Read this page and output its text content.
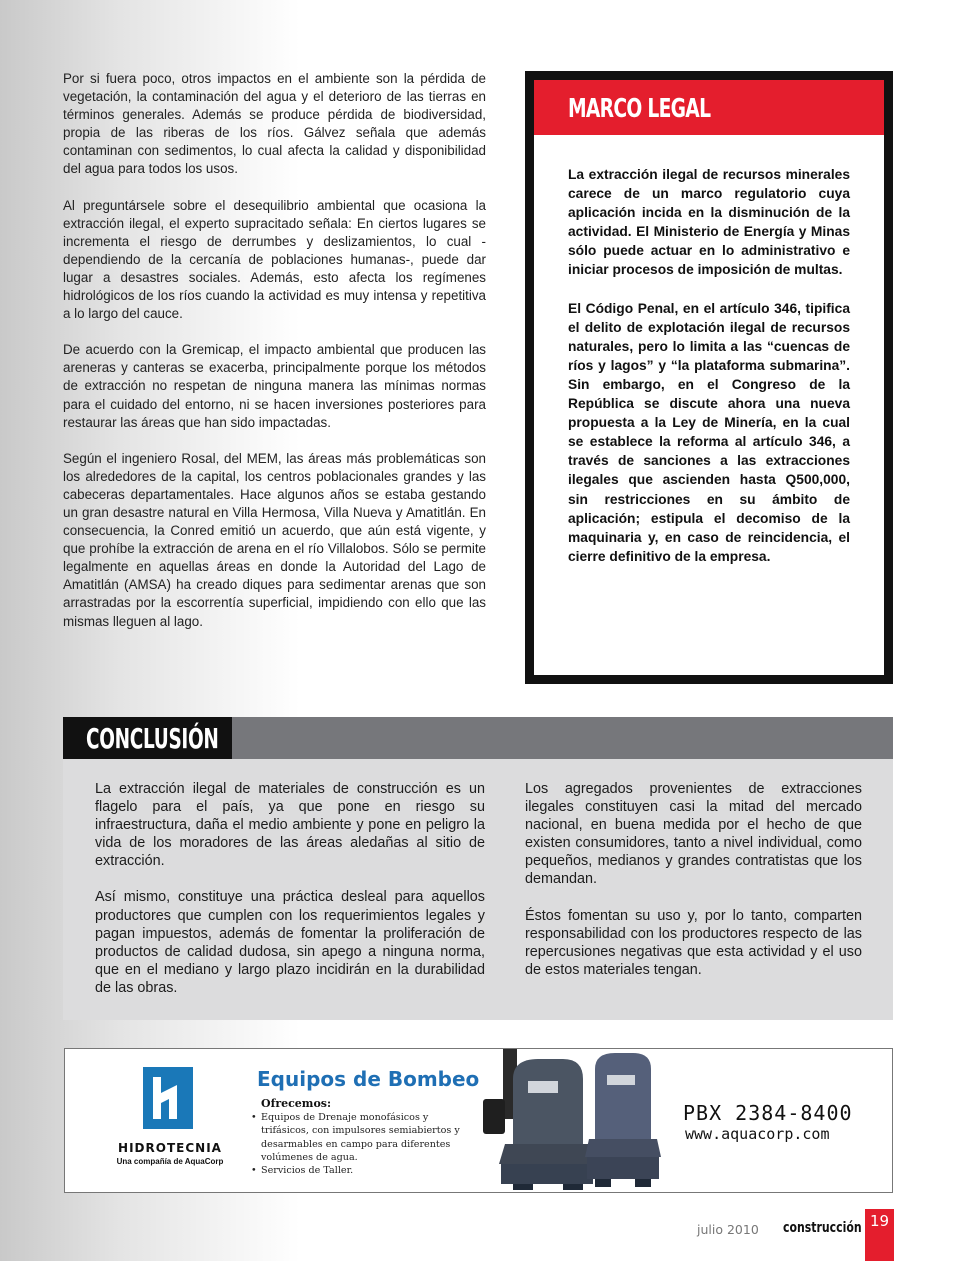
Por si fuera poco, otros impactos en el ambiente son la pérdida de vegetación, la contaminación del agua y el deterioro de las tierras en términos generales. Además se produce pérdida de biodiversidad, propia de las riberas de los ríos. Gálvez señala que además contaminan con sedimentos, lo cual afecta la calidad y disponibilidad del agua para todos los usos.

Al preguntársele sobre el desequilibrio ambiental que ocasiona la extracción ilegal, el experto supracitado señala: En ciertos lugares se incrementa el riesgo de derrumbes y deslizamientos, lo cual -dependiendo de la cercanía de poblaciones humanas-, puede dar lugar a desastres sociales. Además, esto afecta los regímenes hidrológicos de los ríos cuando la actividad es muy intensa y repetitiva a lo largo del cauce.

De acuerdo con la Gremicap, el impacto ambiental que producen las areneras y canteras se exacerba, principalmente porque los métodos de extracción no respetan de ninguna manera las mínimas normas para el cuidado del entorno, ni se hacen inversiones posteriores para restaurar las áreas que han sido impactadas.

Según el ingeniero Rosal, del MEM, las áreas más problemáticas son los alrededores de la capital, los centros poblacionales grandes y las cabeceras departamentales. Hace algunos años se estaba gestando un gran desastre natural en Villa Hermosa, Villa Nueva y Amatitlán. En consecuencia, la Conred emitió un acuerdo, que aún está vigente, y que prohíbe la extracción de arena en el río Villalobos. Sólo se permite legalmente en aquellas áreas en donde la Autoridad del Lago de Amatitlán (AMSA) ha creado diques para sedimentar arenas que son arrastradas por la escorrentía superficial, impidiendo con ello que las mismas lleguen al lago.

MARCO LEGAL

La extracción ilegal de recursos minerales carece de un marco regulatorio cuya aplicación incida en la disminución de la actividad. El Ministerio de Energía y Minas sólo puede actuar en lo administrativo e iniciar procesos de imposición de multas.

El Código Penal, en el artículo 346, tipifica el delito de explotación ilegal de recursos naturales, pero lo limita a las “cuencas de ríos y lagos” y “la plataforma submarina”. Sin embargo, en el Congreso de la República se discute ahora una nueva propuesta a la Ley de Minería, en la cual se establece la reforma al artículo 346, a través de sanciones a las extracciones ilegales que ascienden hasta Q500,000, sin restricciones en su ámbito de aplicación; estipula el decomiso de la maquinaria y, en caso de reincidencia, el cierre definitivo de la empresa.

CONCLUSIÓN

La extracción ilegal de materiales de construcción es un flagelo para el país, ya que pone en riesgo su infraestructura, daña el medio ambiente y pone en peligro la vida de los moradores de las áreas aledañas al sitio de extracción.

Así mismo, constituye una práctica desleal para aquellos productores que cumplen con los requerimientos legales y pagan impuestos, además de fomentar la proliferación de productos de calidad dudosa, sin apego a ninguna norma, que en el mediano y largo plazo incidirán en la durabilidad de las obras.

Los agregados provenientes de extracciones ilegales constituyen casi la mitad del mercado nacional, en buena medida por el hecho de que existen consumidores, tanto a nivel individual, como pequeños, medianos y grandes contratistas que los demandan.

Éstos fomentan su uso y, por lo tanto, comparten responsabilidad con los productores respecto de las repercusiones negativas que esta actividad y el uso de estos materiales tengan.

HIDROTECNIA
Una compañía de AquaCorp
Equipos de Bombeo
Ofrecemos:
• Equipos de Drenaje monofásicos y trifásicos, con impulsores semiabiertos y desarmables en campo para diferentes volúmenes de agua.
• Servicios de Taller.
PBX 2384-8400
www.aquacorp.com
julio 2010 construcción 19
